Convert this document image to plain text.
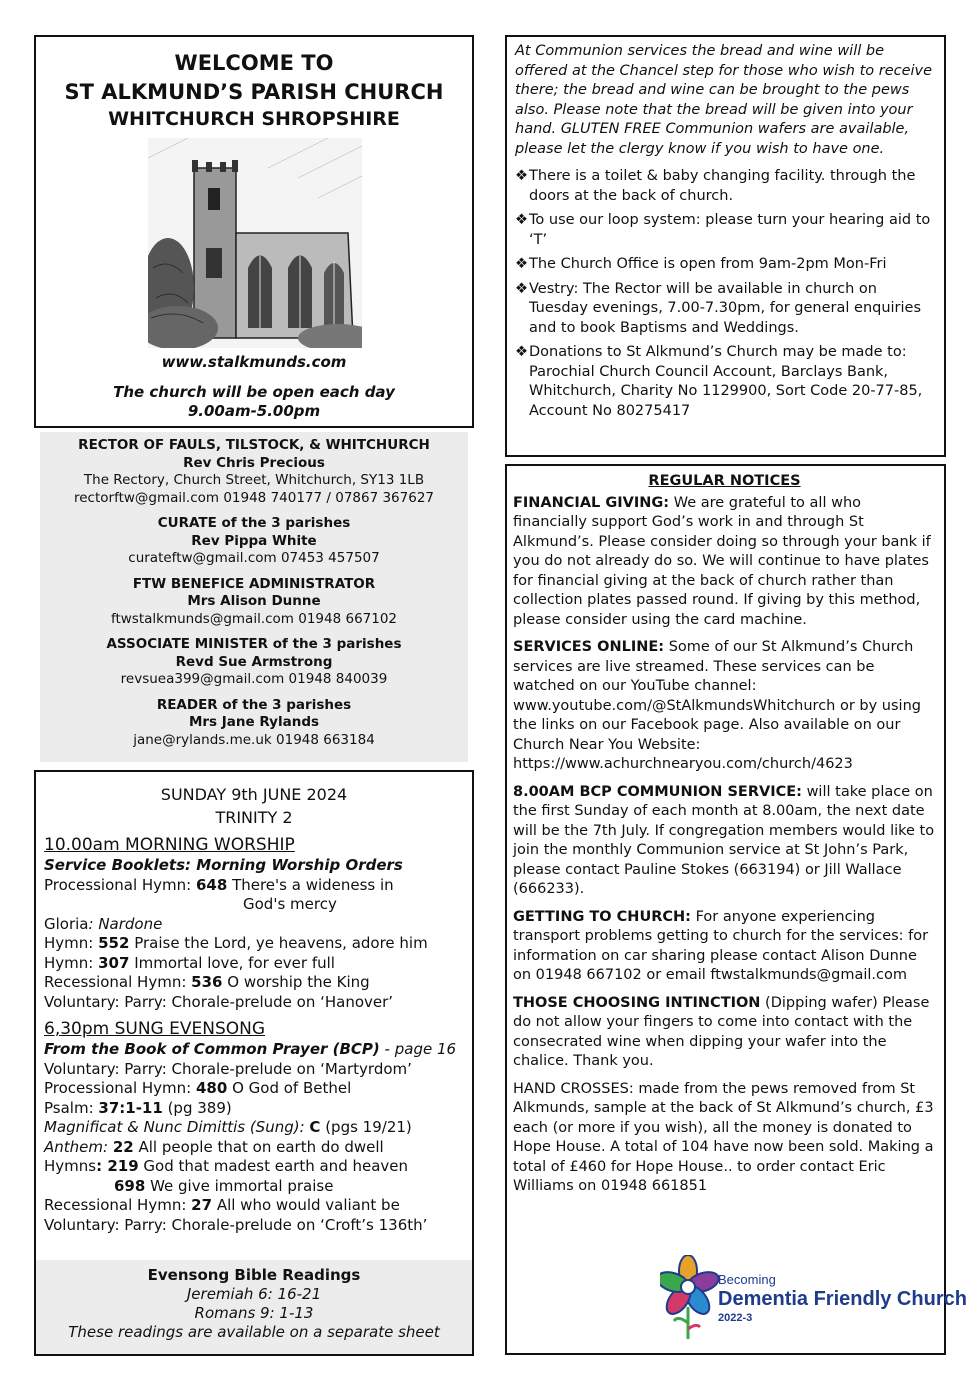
WELCOME TO
ST ALKMUND’S PARISH CHURCH
WHITCHURCH SHROPSHIRE
www.stalkmunds.com
The church will be open each day
9.00am-5.00pm
RECTOR OF FAULS, TILSTOCK, & WHITCHURCH
Rev Chris Precious
The Rectory, Church Street, Whitchurch, SY13 1LB
rectorftw@gmail.com 01948 740177 / 07867 367627
CURATE of the 3 parishes
Rev Pippa White
curateftw@gmail.com 07453 457507
FTW BENEFICE ADMINISTRATOR
Mrs Alison Dunne
ftwstalkmunds@gmail.com 01948 667102
ASSOCIATE MINISTER of the 3 parishes
Revd Sue Armstrong
revsuea399@gmail.com 01948 840039
READER of the 3 parishes
Mrs Jane Rylands
jane@rylands.me.uk 01948 663184
SUNDAY 9th JUNE 2024
TRINITY 2
10.00am MORNING WORSHIP
Service Booklets: Morning Worship Orders
Processional Hymn: 648 There's a wideness in
God's mercy
Gloria: Nardone
Hymn: 552 Praise the Lord, ye heavens, adore him
Hymn: 307 Immortal love, for ever full
Recessional Hymn: 536 O worship the King
Voluntary: Parry: Chorale-prelude on ‘Hanover’
6,30pm SUNG EVENSONG
From the Book of Common Prayer (BCP) - page 16
Voluntary: Parry: Chorale-prelude on ‘Martyrdom’
Processional Hymn: 480 O God of Bethel
Psalm: 37:1-11 (pg 389)
Magnificat & Nunc Dimittis (Sung): C (pgs 19/21)
Anthem: 22 All people that on earth do dwell
Hymns: 219 God that madest earth and heaven
698 We give immortal praise
Recessional Hymn: 27 All who would valiant be
Voluntary: Parry: Chorale-prelude on ‘Croft’s 136th’
Evensong Bible Readings
Jeremiah 6: 16-21
Romans 9: 1-13
These readings are available on a separate sheet
At Communion services the bread and wine will be offered at the Chancel step for those who wish to receive there; the bread and wine can be brought to the pews also. Please note that the bread will be given into your hand. GLUTEN FREE Communion wafers are available, please let the clergy know if you wish to have one.
❖ There is a toilet & baby changing facility. through the doors at the back of church.
❖ To use our loop system: please turn your hearing aid to ‘T’
❖ The Church Office is open from 9am-2pm Mon-Fri
❖ Vestry: The Rector will be available in church on Tuesday evenings, 7.00-7.30pm, for general enquiries and to book Baptisms and Weddings.
❖ Donations to St Alkmund’s Church may be made to: Parochial Church Council Account, Barclays Bank, Whitchurch, Charity No 1129900, Sort Code 20-77-85, Account No 80275417
REGULAR NOTICES

FINANCIAL GIVING: We are grateful to all who financially support God’s work in and through St Alkmund’s. Please consider doing so through your bank if you do not already do so. We will continue to have plates for financial giving at the back of church rather than collection plates passed round. If giving by this method, please consider using the card machine.

SERVICES ONLINE: Some of our St Alkmund’s Church services are live streamed. These services can be watched on our YouTube channel: www.youtube.com/@StAlkmundsWhitchurch or by using the links on our Facebook page. Also available on our Church Near You Website: https://www.achurchnearyou.com/church/4623

8.00AM BCP COMMUNION SERVICE: will take place on the first Sunday of each month at 8.00am, the next date will be the 7th July. If congregation members would like to join the monthly Communion service at St John’s Park, please contact Pauline Stokes (663194) or Jill Wallace (666233).

GETTING TO CHURCH: For anyone experiencing transport problems getting to church for the services: for information on car sharing please contact Alison Dunne on 01948 667102 or email ftwstalkmunds@gmail.com

THOSE CHOOSING INTINCTION (Dipping wafer) Please do not allow your fingers to come into contact with the consecrated wine when dipping your wafer into the chalice. Thank you.

HAND CROSSES: made from the pews removed from St Alkmunds, sample at the back of St Alkmund’s church, £3 each (or more if you wish), all the money is donated to Hope House. A total of 104 have now been sold. Making a total of £460 for Hope House.. to order contact Eric Williams on 01948 661851

Becoming
Dementia Friendly Church
2022-3
